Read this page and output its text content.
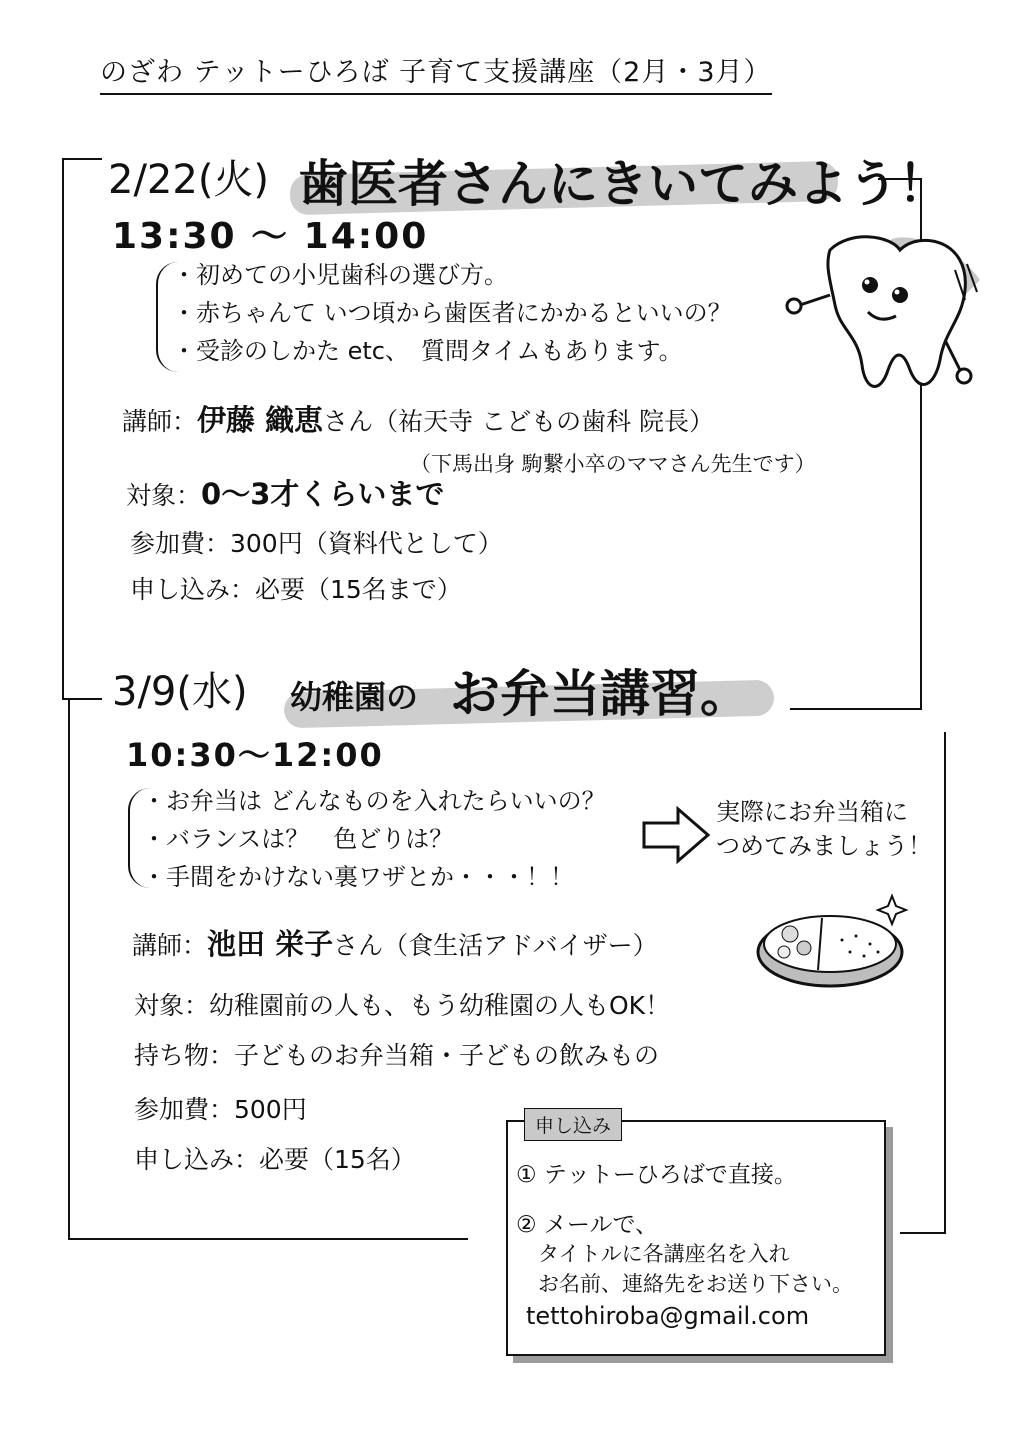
のざわ テットーひろば 子育て支援講座（2月・3月）
2/22(火) 歯医者さんにきいてみよう！
13:30 〜 14:00
・初めての小児歯科の選び方。
・赤ちゃんて いつ頃から歯医者にかかるといいの？
・受診のしかた etc、　質問タイムもあります。
講師：伊藤 織恵さん（祐天寺 こどもの歯科 院長）
（下馬出身 駒繋小卒のママさん先生です）
対象：0〜3才くらいまで
参加費：300円（資料代として）
申し込み：必要（15名まで）
3/9(水) 幼稚園の お弁当講習。
10:30〜12:00
・お弁当は どんなものを入れたらいいの？
・バランスは？　色どりは？
・手間をかけない裏ワザとか・・・！！
実際にお弁当箱に
つめてみましょう！
講師：池田 栄子さん（食生活アドバイザー）
対象：幼稚園前の人も、もう幼稚園の人もOK！
持ち物：子どものお弁当箱・子どもの飲みもの
参加費：500円
申し込み：必要（15名）
申し込み
① テットーひろばで直接。
② メールで、
タイトルに各講座名を入れ
お名前、連絡先をお送り下さい。
tettohiroba@gmail.com
